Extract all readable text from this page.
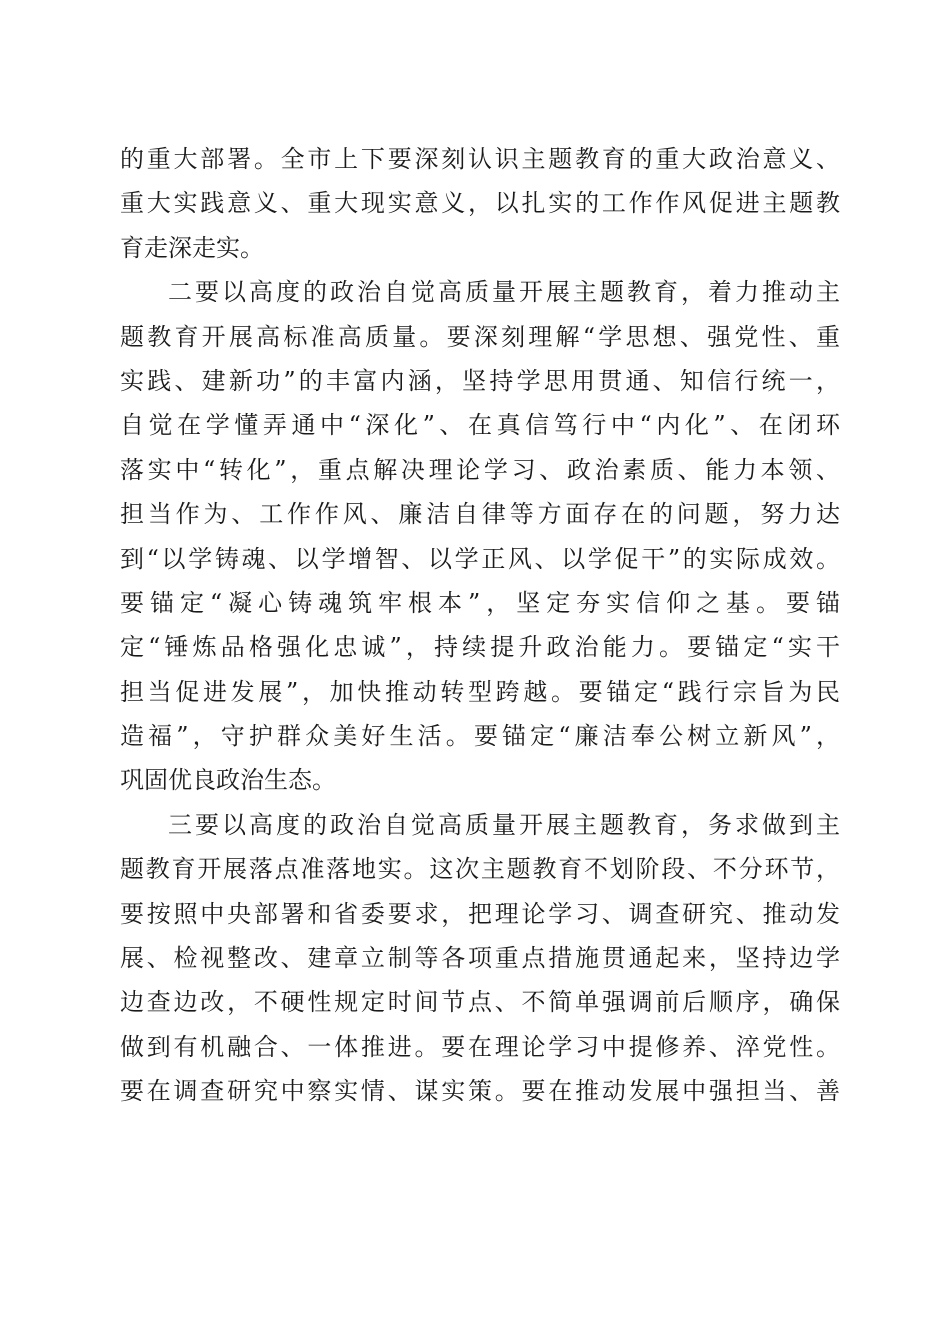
的重大部署。全市上下要深刻认识主题教育的重大政治意义、
重大实践意义、重大现实意义，以扎实的工作作风促进主题教
育走深走实。
二要以高度的政治自觉高质量开展主题教育，着力推动主
题教育开展高标准高质量。要深刻理解“学思想、强党性、重
实践、建新功”的丰富内涵，坚持学思用贯通、知信行统一，
自觉在学懂弄通中“深化”、在真信笃行中“内化”、在闭环
落实中“转化”，重点解决理论学习、政治素质、能力本领、
担当作为、工作作风、廉洁自律等方面存在的问题，努力达
到“以学铸魂、以学增智、以学正风、以学促干”的实际成效。
要锚定“凝心铸魂筑牢根本”，坚定夯实信仰之基。要锚
定“锤炼品格强化忠诚”，持续提升政治能力。要锚定“实干
担当促进发展”，加快推动转型跨越。要锚定“践行宗旨为民
造福”，守护群众美好生活。要锚定“廉洁奉公树立新风”，
巩固优良政治生态。
三要以高度的政治自觉高质量开展主题教育，务求做到主
题教育开展落点准落地实。这次主题教育不划阶段、不分环节，
要按照中央部署和省委要求，把理论学习、调查研究、推动发
展、检视整改、建章立制等各项重点措施贯通起来，坚持边学
边查边改，不硬性规定时间节点、不简单强调前后顺序，确保
做到有机融合、一体推进。要在理论学习中提修养、淬党性。
要在调查研究中察实情、谋实策。要在推动发展中强担当、善
